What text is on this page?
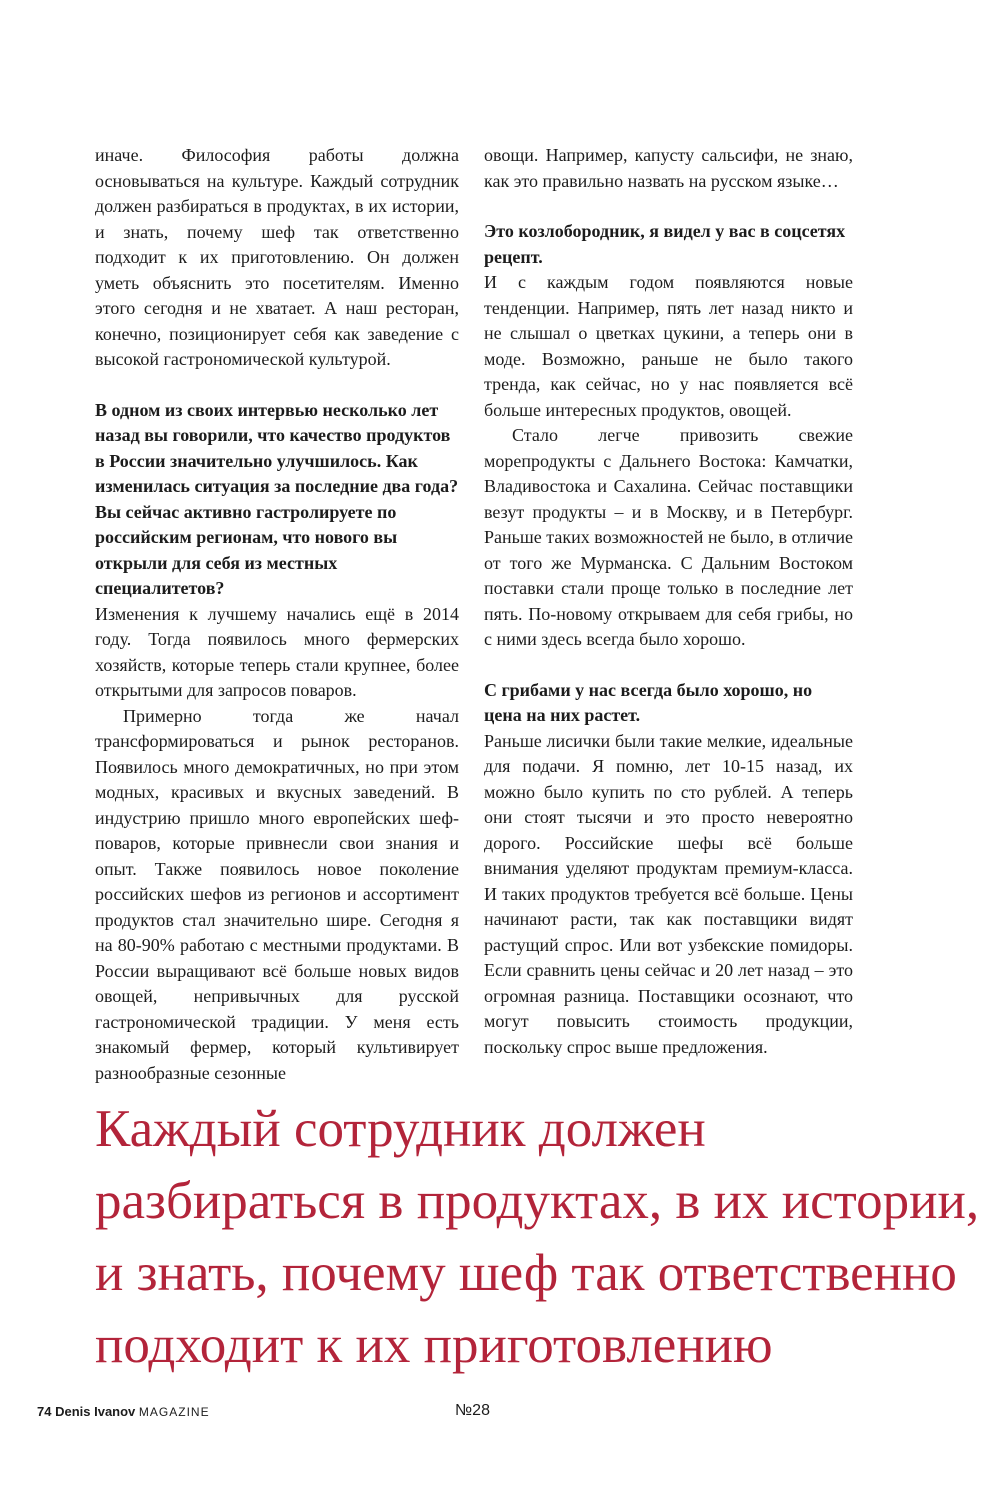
иначе. Философия работы должна основываться на культуре. Каждый сотрудник должен разбираться в продуктах, в их истории, и знать, почему шеф так ответственно подходит к их приготовлению. Он должен уметь объяснить это посетителям. Именно этого сегодня и не хватает. А наш ресторан, конечно, позиционирует себя как заведение с высокой гастрономической культурой.

В одном из своих интервью несколько лет назад вы говорили, что качество продуктов в России значительно улучшилось. Как изменилась ситуация за последние два года? Вы сейчас активно гастролируете по российским регионам, что нового вы открыли для себя из местных специалитетов?

Изменения к лучшему начались ещё в 2014 году. Тогда появилось много фермерских хозяйств, которые теперь стали крупнее, более открытыми для запросов поваров.

Примерно тогда же начал трансформироваться и рынок ресторанов. Появилось много демократичных, но при этом модных, красивых и вкусных заведений. В индустрию пришло много европейских шеф-поваров, которые привнесли свои знания и опыт. Также появилось новое поколение российских шефов из регионов и ассортимент продуктов стал значительно шире. Сегодня я на 80-90% работаю с местными продуктами. В России выращивают всё больше новых видов овощей, непривычных для русской гастрономической традиции. У меня есть знакомый фермер, который культивирует разнообразные сезонные

овощи. Например, капусту сальсифи, не знаю, как это правильно назвать на русском языке…

Это козлобородник, я видел у вас в соцсетях рецепт.

И с каждым годом появляются новые тенденции. Например, пять лет назад никто и не слышал о цветках цукини, а теперь они в моде. Возможно, раньше не было такого тренда, как сейчас, но у нас появляется всё больше интересных продуктов, овощей.

Стало легче привозить свежие морепродукты с Дальнего Востока: Камчатки, Владивостока и Сахалина. Сейчас поставщики везут продукты – и в Москву, и в Петербург. Раньше таких возможностей не было, в отличие от того же Мурманска. С Дальним Востоком поставки стали проще только в последние лет пять. По-новому открываем для себя грибы, но с ними здесь всегда было хорошо.

С грибами у нас всегда было хорошо, но цена на них растет.

Раньше лисички были такие мелкие, идеальные для подачи. Я помню, лет 10-15 назад, их можно было купить по сто рублей. А теперь они стоят тысячи и это просто невероятно дорого. Российские шефы всё больше внимания уделяют продуктам премиум-класса. И таких продуктов требуется всё больше. Цены начинают расти, так как поставщики видят растущий спрос. Или вот узбекские помидоры. Если сравнить цены сейчас и 20 лет назад – это огромная разница. Поставщики осознают, что могут повысить стоимость продукции, поскольку спрос выше предложения.

Каждый сотрудник должен
разбираться в продуктах, в их истории,
и знать, почему шеф так ответственно
подходит к их приготовлению
74 Denis Ivanov MAGAZINE	№28
